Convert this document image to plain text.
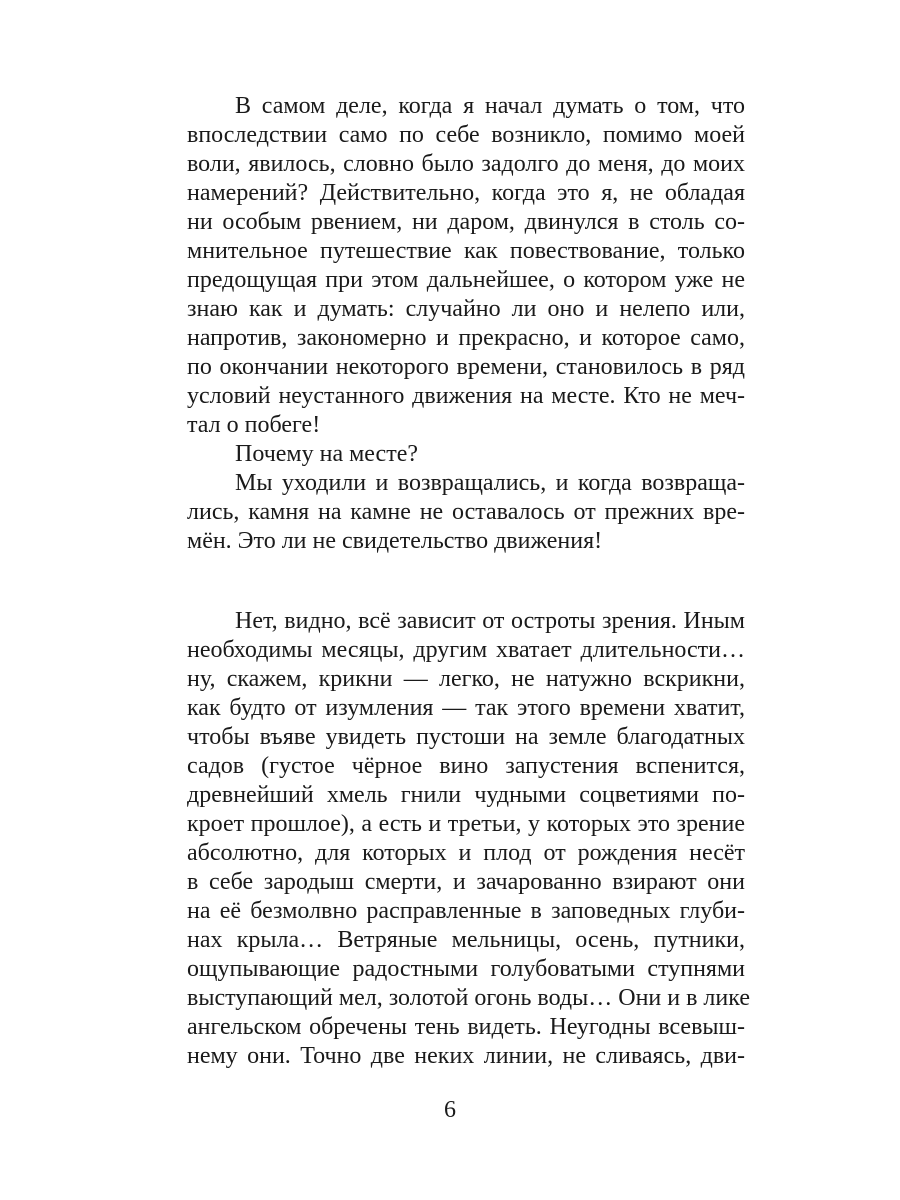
В самом деле, когда я начал думать о том, что
впоследствии само по себе возникло, помимо моей
воли, явилось, словно было задолго до меня, до моих
намерений? Действительно, когда это я, не обладая
ни особым рвением, ни даром, двинулся в столь со-
мнительное путешествие как повествование, только
предощущая при этом дальнейшее, о котором уже не
знаю как и думать: случайно ли оно и нелепо или,
напротив, закономерно и прекрасно, и которое само,
по окончании некоторого времени, становилось в ряд
условий неустанного движения на месте. Кто не меч-
тал о побеге!
Почему на месте?
Мы уходили и возвращались, и когда возвраща-
лись, камня на камне не оставалось от прежних вре-
мён. Это ли не свидетельство движения!
Нет, видно, всё зависит от остроты зрения. Иным
необходимы месяцы, другим хватает длительности…
ну, скажем, крикни — легко, не натужно вскрикни,
как будто от изумления — так этого времени хватит,
чтобы въяве увидеть пустоши на земле благодатных
садов (густое чёрное вино запустения вспенится,
древнейший хмель гнили чудными соцветиями по-
кроет прошлое), а есть и третьи, у которых это зрение
абсолютно, для которых и плод от рождения несёт
в себе зародыш смерти, и зачарованно взирают они
на её безмолвно расправленные в заповедных глуби-
нах крыла… Ветряные мельницы, осень, путники,
ощупывающие радостными голубоватыми ступнями
выступающий мел, золотой огонь воды… Они и в лике
ангельском обречены тень видеть. Неугодны всевыш-
нему они. Точно две неких линии, не сливаясь, дви-
6
